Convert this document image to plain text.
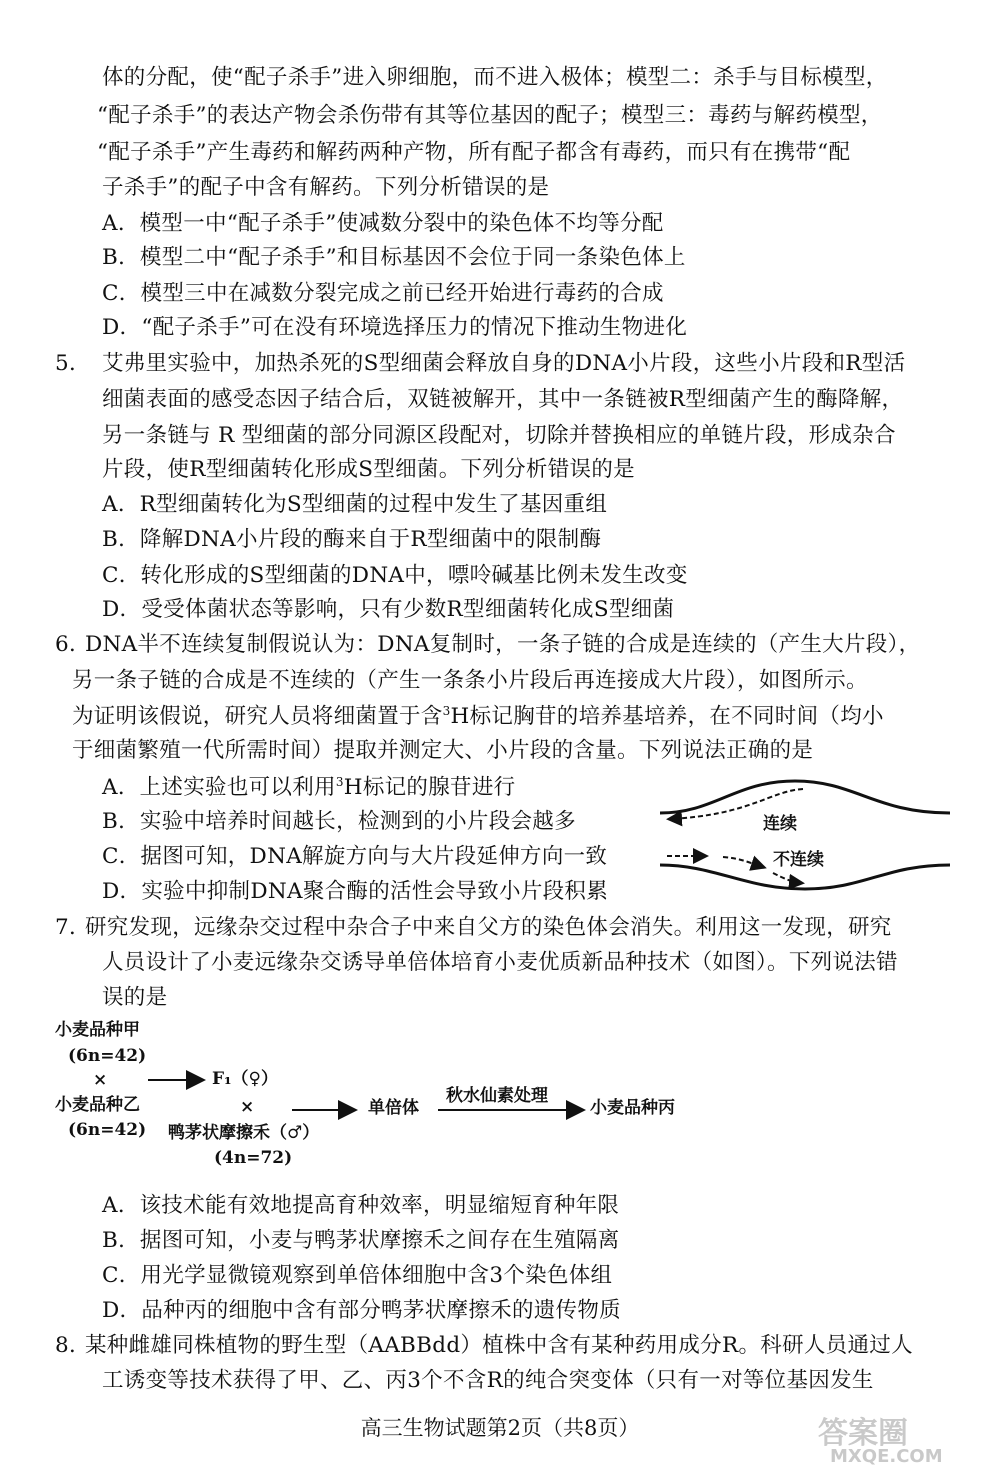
体的分配，使“配子杀手”进入卵细胞，而不进入极体；模型二：杀手与目标模型，
“配子杀手”的表达产物会杀伤带有其等位基因的配子；模型三：毒药与解药模型，
“配子杀手”产生毒药和解药两种产物，所有配子都含有毒药，而只有在携带“配
子杀手”的配子中含有解药。下列分析错误的是
A．模型一中“配子杀手”使减数分裂中的染色体不均等分配
B．模型二中“配子杀手”和目标基因不会位于同一条染色体上
C．模型三中在减数分裂完成之前已经开始进行毒药的合成
D．“配子杀手”可在没有环境选择压力的情况下推动生物进化
5． 艾弗里实验中，加热杀死的S型细菌会释放自身的DNA小片段，这些小片段和R型活
细菌表面的感受态因子结合后，双链被解开，其中一条链被R型细菌产生的酶降解，
另一条链与 R 型细菌的部分同源区段配对，切除并替换相应的单链片段，形成杂合
片段，使R型细菌转化形成S型细菌。下列分析错误的是
A．R型细菌转化为S型细菌的过程中发生了基因重组
B．降解DNA小片段的酶来自于R型细菌中的限制酶
C．转化形成的S型细菌的DNA中，嘌呤碱基比例未发生改变
D．受受体菌状态等影响，只有少数R型细菌转化成S型细菌
6．
DNA半不连续复制假说认为：DNA复制时，一条子链的合成是连续的（产生大片段），
另一条子链的合成是不连续的（产生一条条小片段后再连接成大片段），如图所示。
为证明该假说，研究人员将细菌置于含$^3$H标记胸苷的培养基培养，在不同时间（均小
于细菌繁殖一代所需时间）提取并测定大、小片段的含量。下列说法正确的是
A．上述实验也可以利用$^3$H标记的腺苷进行
B．实验中培养时间越长，检测到的小片段会越多
C．据图可知，DNA解旋方向与大片段延伸方向一致
D．实验中抑制DNA聚合酶的活性会导致小片段积累
连续
不连续
7．
研究发现，远缘杂交过程中杂合子中来自父方的染色体会消失。利用这一发现，研究
人员设计了小麦远缘杂交诱导单倍体培育小麦优质新品种技术（如图）。下列说法错
误的是
小麦品种甲
(6n=42)
×
小麦品种乙
(6n=42)
F₁（♀）
×
鸭茅状摩擦禾（♂）
(4n=72)
单倍体
秋水仙素处理
小麦品种丙
A．该技术能有效地提高育种效率，明显缩短育种年限
B．据图可知，小麦与鸭茅状摩擦禾之间存在生殖隔离
C．用光学显微镜观察到单倍体细胞中含3个染色体组
D．品种丙的细胞中含有部分鸭茅状摩擦禾的遗传物质
8．
某种雌雄同株植物的野生型（AABBdd）植株中含有某种药用成分R。科研人员通过人
工诱变等技术获得了甲、乙、丙3个不含R的纯合突变体（只有一对等位基因发生
高三生物试题第2页（共8页）	答案圈
MXQE.COM
